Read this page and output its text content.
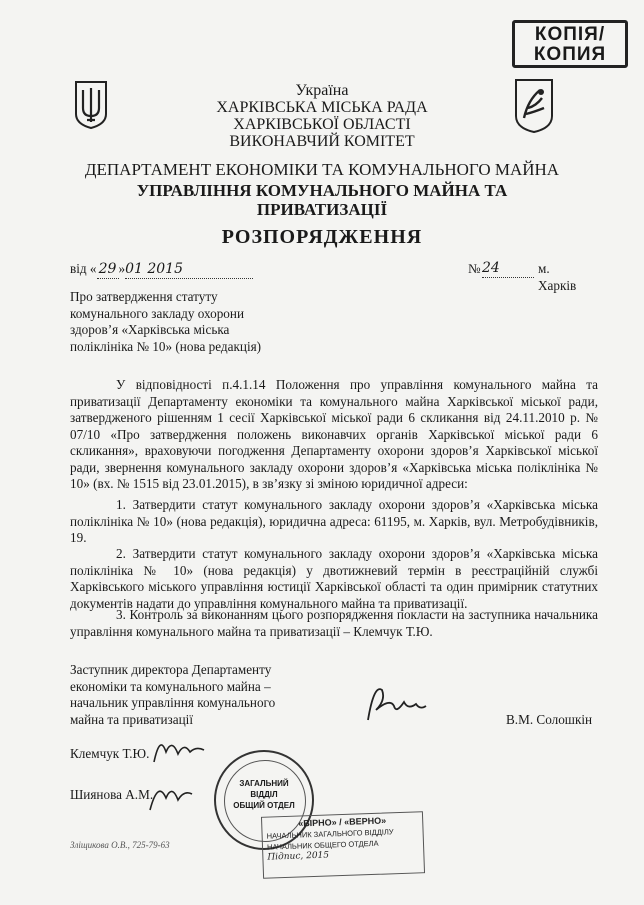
КОПІЯ/
КОПИЯ
Україна
ХАРКІВСЬКА МІСЬКА РАДА
ХАРКІВСЬКОЇ ОБЛАСТІ
ВИКОНАВЧИЙ КОМІТЕТ
ДЕПАРТАМЕНТ ЕКОНОМІКИ ТА КОМУНАЛЬНОГО МАЙНА
УПРАВЛІННЯ КОМУНАЛЬНОГО МАЙНА ТА
ПРИВАТИЗАЦІЇ
РОЗПОРЯДЖЕННЯ
від « 29 »01 2015	№ 24	м. Харків
Про затвердження статуту
комунального закладу охорони
здоров’я «Харківська міська
поліклініка № 10» (нова редакція)

У відповідності п.4.1.14 Положення про управління комунального майна та приватизації Департаменту економіки та комунального майна Харківської міської ради, затвердженого рішенням 1 сесії Харківської міської ради 6 скликання від 24.11.2010 р. № 07/10 «Про затвердження положень виконавчих органів Харківської міської ради 6 скликання», враховуючи погодження Департаменту охорони здоров’я Харківської міської ради, звернення комунального закладу охорони здоров’я «Харківська міська поліклініка № 10» (вх. № 1515 від 23.01.2015), в зв’язку зі зміною юридичної адреси:

1. Затвердити статут комунального закладу охорони здоров’я «Харківська міська поліклініка № 10» (нова редакція), юридична адреса: 61195, м. Харків, вул. Метробудівників, 19.

2. Затвердити статут комунального закладу охорони здоров’я «Харківська міська поліклініка № 10» (нова редакція) у двотижневий термін в реєстраційній службі Харківського міського управління юстиції Харківської області та один примірник статутних документів надати до управління комунального майна та приватизації.

3. Контроль за виконанням цього розпорядження покласти на заступника начальника управління комунального майна та приватизації – Клемчук Т.Ю.

Заступник директора Департаменту
економіки та комунального майна –
начальник управління комунального
майна та приватизації	В.М. Солошкін
Клемчук Т.Ю.
Шиянова А.М.
ЗАГАЛЬНИЙ
ВІДДІЛ
ОБЩИЙ ОТДЕЛ
«ВІРНО» / «ВЕРНО»
НАЧАЛЬНИК ЗАГАЛЬНОГО ВІДДІЛУ
НАЧАЛЬНИК ОБЩЕГО ОТДЕЛА
Підпис, 2015
Зліщикова О.В., 725-79-63
